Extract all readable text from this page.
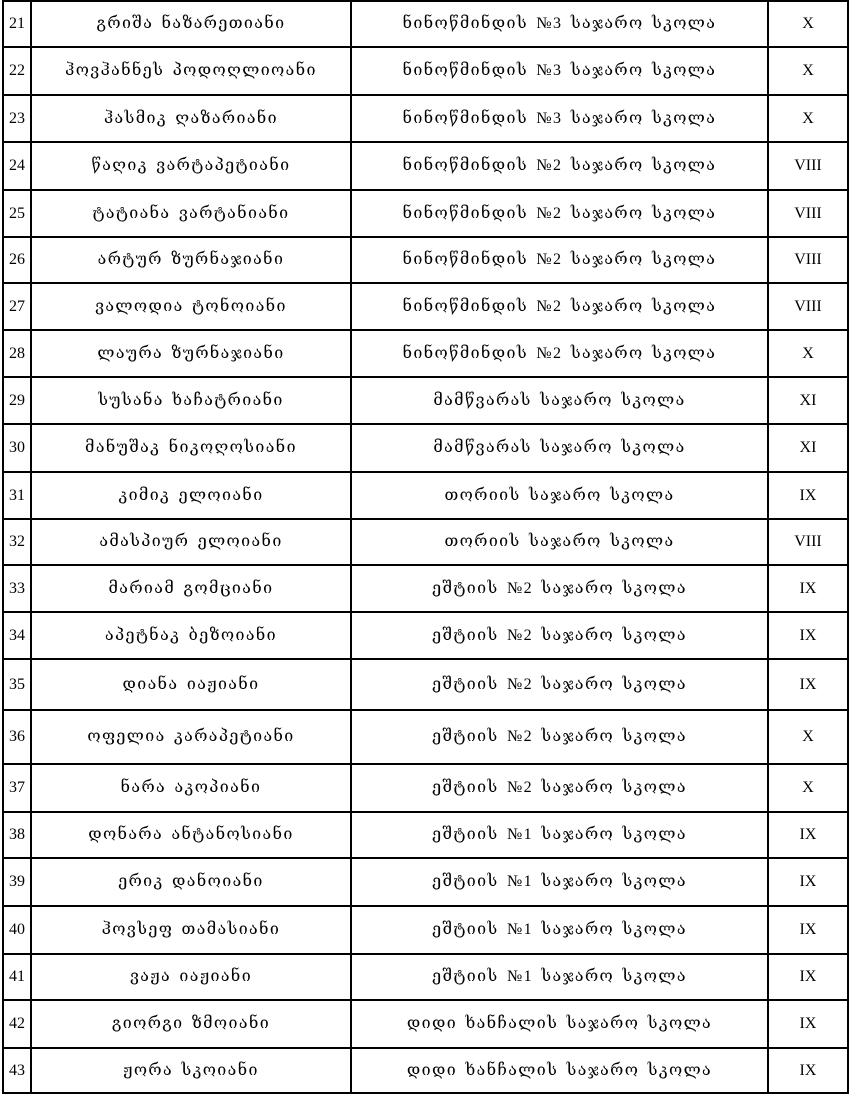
21	გრიშა ნაზარეთიანი	ნინოწმინდის №3 საჯარო სკოლა	X
22	ჰოვჰანნეს პოდოღლიოანი	ნინოწმინდის №3 საჯარო სკოლა	X
23	ჰასმიკ ღაზარიანი	ნინოწმინდის №3 საჯარო სკოლა	X
24	წაღიკ ვარტაპეტიანი	ნინოწმინდის №2 საჯარო სკოლა	VIII
25	ტატიანა ვარტანიანი	ნინოწმინდის №2 საჯარო სკოლა	VIII
26	არტურ ზურნაჯიანი	ნინოწმინდის №2 საჯარო სკოლა	VIII
27	ვალოდია ტონოიანი	ნინოწმინდის №2 საჯარო სკოლა	VIII
28	ლაურა ზურნაჯიანი	ნინოწმინდის №2 საჯარო სკოლა	X
29	სუსანა ხაჩატრიანი	მამწვარას საჯარო სკოლა	XI
30	მანუშაკ ნიკოღოსიანი	მამწვარას საჯარო სკოლა	XI
31	კიმიკ ელოიანი	თორიის საჯარო სკოლა	IX
32	ამასპიურ ელოიანი	თორიის საჯარო სკოლა	VIII
33	მარიამ გომციანი	ეშტიის №2 საჯარო სკოლა	IX
34	აპეტნაკ ბეზოიანი	ეშტიის №2 საჯარო სკოლა	IX
35	დიანა იაჟიანი	ეშტიის №2 საჯარო სკოლა	IX
36	ოფელია კარაპეტიანი	ეშტიის №2 საჯარო სკოლა	X
37	ნარა აკოპიანი	ეშტიის №2 საჯარო სკოლა	X
38	დონარა ანტანოსიანი	ეშტიის №1 საჯარო სკოლა	IX
39	ერიკ დანოიანი	ეშტიის №1 საჯარო სკოლა	IX
40	ჰოვსეფ თამასიანი	ეშტიის №1 საჯარო სკოლა	IX
41	ვაჟა იაჟიანი	ეშტიის №1 საჯარო სკოლა	IX
42	გიორგი ზმოიანი	დიდი ხანჩალის საჯარო სკოლა	IX
43	ჟორა სკოიანი	დიდი ხანჩალის საჯარო სკოლა	IX
